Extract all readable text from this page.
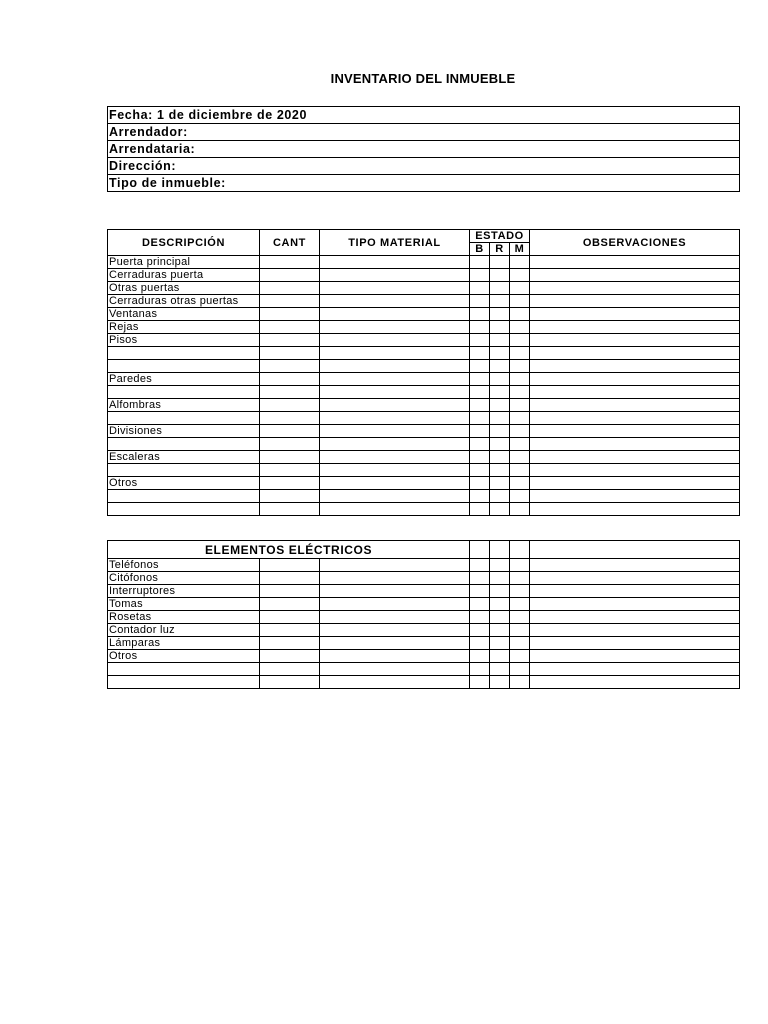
INVENTARIO DEL INMUEBLE
Fecha: 1 de diciembre de 2020
Arrendador:
Arrendataria:
Dirección:
Tipo de inmueble:
DESCRIPCIÓN	CANT	TIPO MATERIAL	ESTADO			OBSERVACIONES
			B	R	M	
Puerta principal						
Cerraduras puerta						
Otras puertas						
Cerraduras otras puertas						
Ventanas						
Rejas						
Pisos						

Paredes						

Alfombras						

Divisiones						

Escaleras						

Otros						

ELEMENTOS ELÉCTRICOS						
Teléfonos						
Citófonos						
Interruptores						
Tomas						
Rosetas						
Contador luz						
Lámparas						
Otros						
